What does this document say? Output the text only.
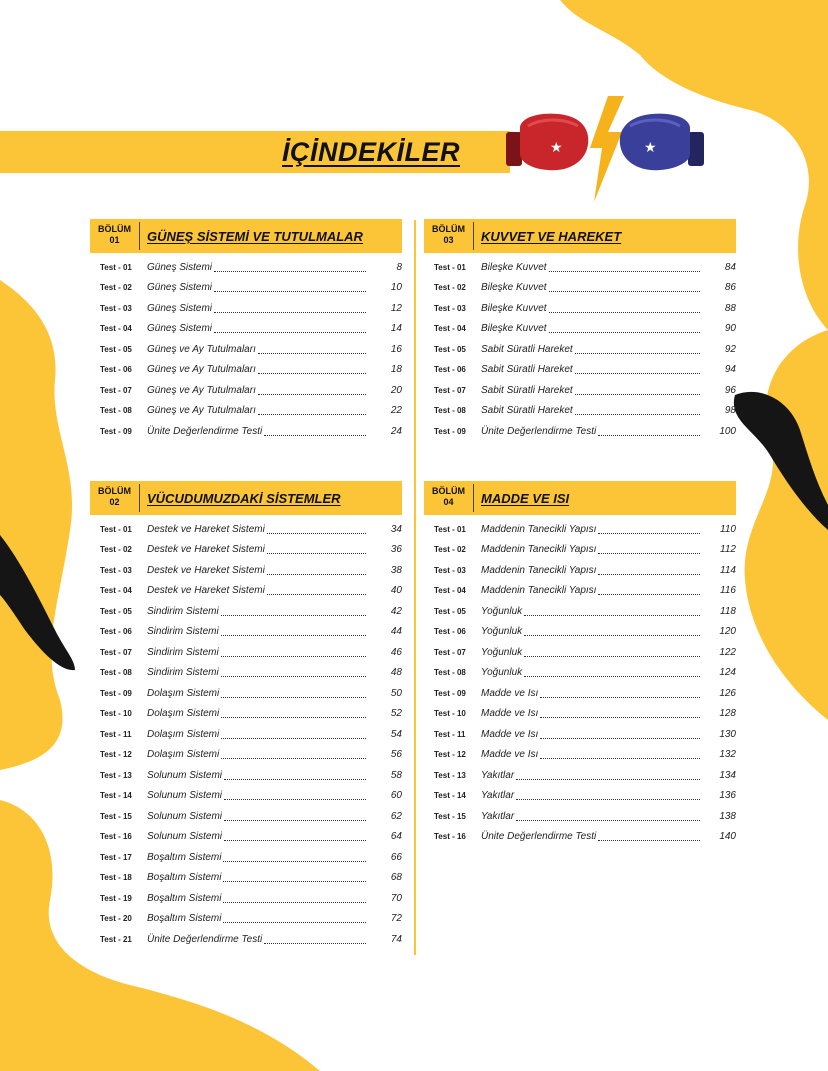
İÇİNDEKİLER	★	★
BÖLÜM
01	GÜNEŞ SİSTEMİ VE TUTULMALAR
Test - 01	Güneş Sistemi	8
Test - 02	Güneş Sistemi	10
Test - 03	Güneş Sistemi	12
Test - 04	Güneş Sistemi	14
Test - 05	Güneş ve Ay Tutulmaları	16
Test - 06	Güneş ve Ay Tutulmaları	18
Test - 07	Güneş ve Ay Tutulmaları	20
Test - 08	Güneş ve Ay Tutulmaları	22
Test - 09	Ünite Değerlendirme Testi	24
BÖLÜM
02	VÜCUDUMUZDAKİ SİSTEMLER
Test - 01	Destek ve Hareket Sistemi	34
Test - 02	Destek ve Hareket Sistemi	36
Test - 03	Destek ve Hareket Sistemi	38
Test - 04	Destek ve Hareket Sistemi	40
Test - 05	Sindirim Sistemi	42
Test - 06	Sindirim Sistemi	44
Test - 07	Sindirim Sistemi	46
Test - 08	Sindirim Sistemi	48
Test - 09	Dolaşım Sistemi	50
Test - 10	Dolaşım Sistemi	52
Test - 11	Dolaşım Sistemi	54
Test - 12	Dolaşım Sistemi	56
Test - 13	Solunum Sistemi	58
Test - 14	Solunum Sistemi	60
Test - 15	Solunum Sistemi	62
Test - 16	Solunum Sistemi	64
Test - 17	Boşaltım Sistemi	66
Test - 18	Boşaltım Sistemi	68
Test - 19	Boşaltım Sistemi	70
Test - 20	Boşaltım Sistemi	72
Test - 21	Ünite Değerlendirme Testi	74
BÖLÜM
03	KUVVET VE HAREKET
Test - 01	Bileşke Kuvvet	84
Test - 02	Bileşke Kuvvet	86
Test - 03	Bileşke Kuvvet	88
Test - 04	Bileşke Kuvvet	90
Test - 05	Sabit Süratli Hareket	92
Test - 06	Sabit Süratli Hareket	94
Test - 07	Sabit Süratli Hareket	96
Test - 08	Sabit Süratli Hareket	98
Test - 09	Ünite Değerlendirme Testi	100
BÖLÜM
04	MADDE VE ISI
Test - 01	Maddenin Tanecikli Yapısı	110
Test - 02	Maddenin Tanecikli Yapısı	112
Test - 03	Maddenin Tanecikli Yapısı	114
Test - 04	Maddenin Tanecikli Yapısı	116
Test - 05	Yoğunluk	118
Test - 06	Yoğunluk	120
Test - 07	Yoğunluk	122
Test - 08	Yoğunluk	124
Test - 09	Madde ve Isı	126
Test - 10	Madde ve Isı	128
Test - 11	Madde ve Isı	130
Test - 12	Madde ve Isı	132
Test - 13	Yakıtlar	134
Test - 14	Yakıtlar	136
Test - 15	Yakıtlar	138
Test - 16	Ünite Değerlendirme Testi	140
